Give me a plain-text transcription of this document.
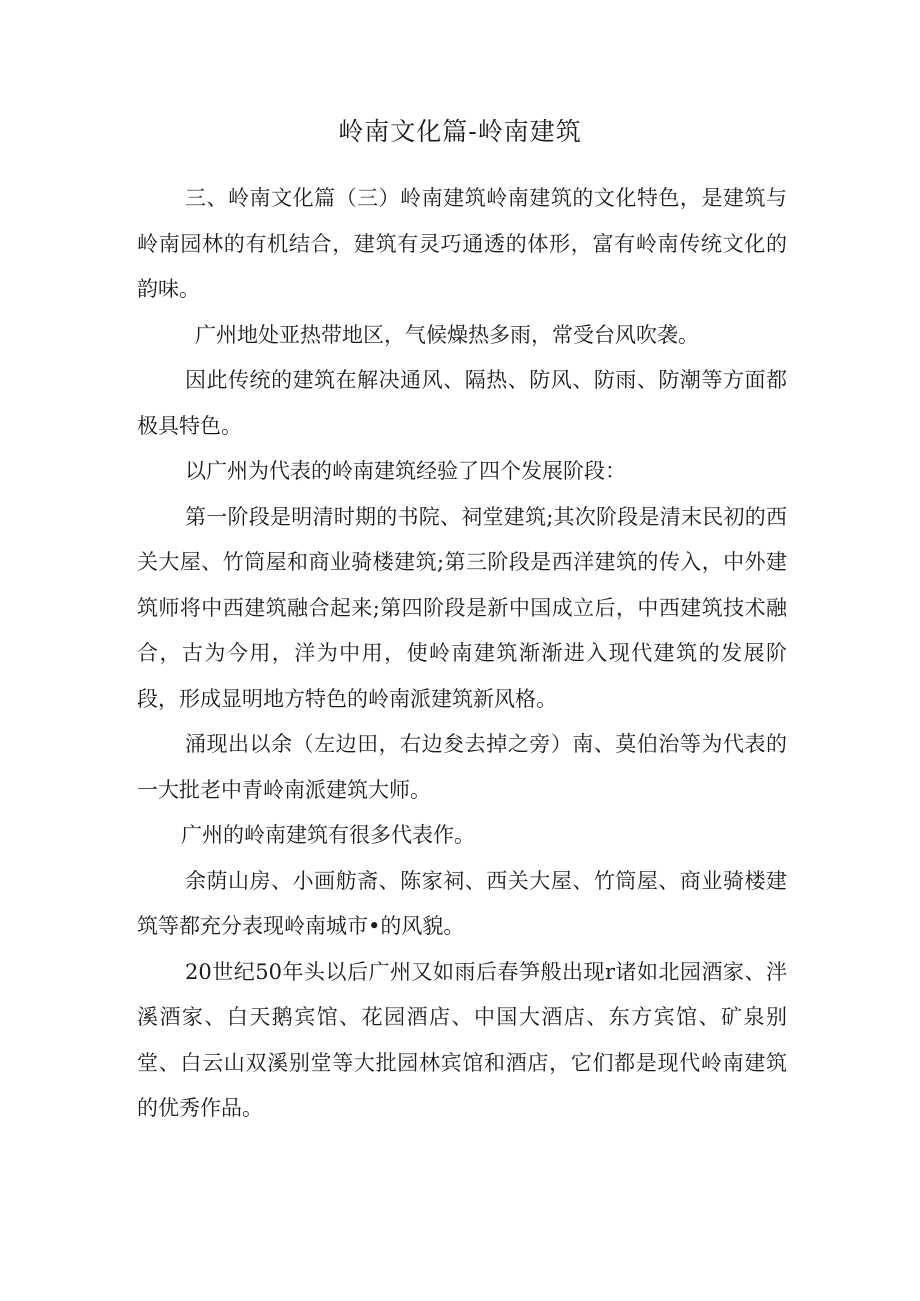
岭南文化篇-岭南建筑

三、岭南文化篇（三）岭南建筑岭南建筑的文化特色，是建筑与岭南园林的有机结合，建筑有灵巧通透的体形，富有岭南传统文化的韵味。

广州地处亚热带地区，气候燥热多雨，常受台风吹袭。

因此传统的建筑在解决通风、隔热、防风、防雨、防潮等方面都极具特色。

以广州为代表的岭南建筑经验了四个发展阶段：

第一阶段是明清时期的书院、祠堂建筑;其次阶段是清末民初的西关大屋、竹筒屋和商业骑楼建筑;第三阶段是西洋建筑的传入，中外建筑师将中西建筑融合起来;第四阶段是新中国成立后，中西建筑技术融合，古为今用，洋为中用，使岭南建筑渐渐进入现代建筑的发展阶段，形成显明地方特色的岭南派建筑新风格。

涌现出以余（左边田，右边夋去掉之旁）南、莫伯治等为代表的一大批老中青岭南派建筑大师。

广州的岭南建筑有很多代表作。

余荫山房、小画舫斋、陈家祠、西关大屋、竹筒屋、商业骑楼建筑等都充分表现岭南城市•的风貌。

20世纪50年头以后广州又如雨后春笋般出现r诸如北园酒家、泮溪酒家、白天鹅宾馆、花园酒店、中国大酒店、东方宾馆、矿泉别堂、白云山双溪别堂等大批园林宾馆和酒店，它们都是现代岭南建筑的优秀作品。
